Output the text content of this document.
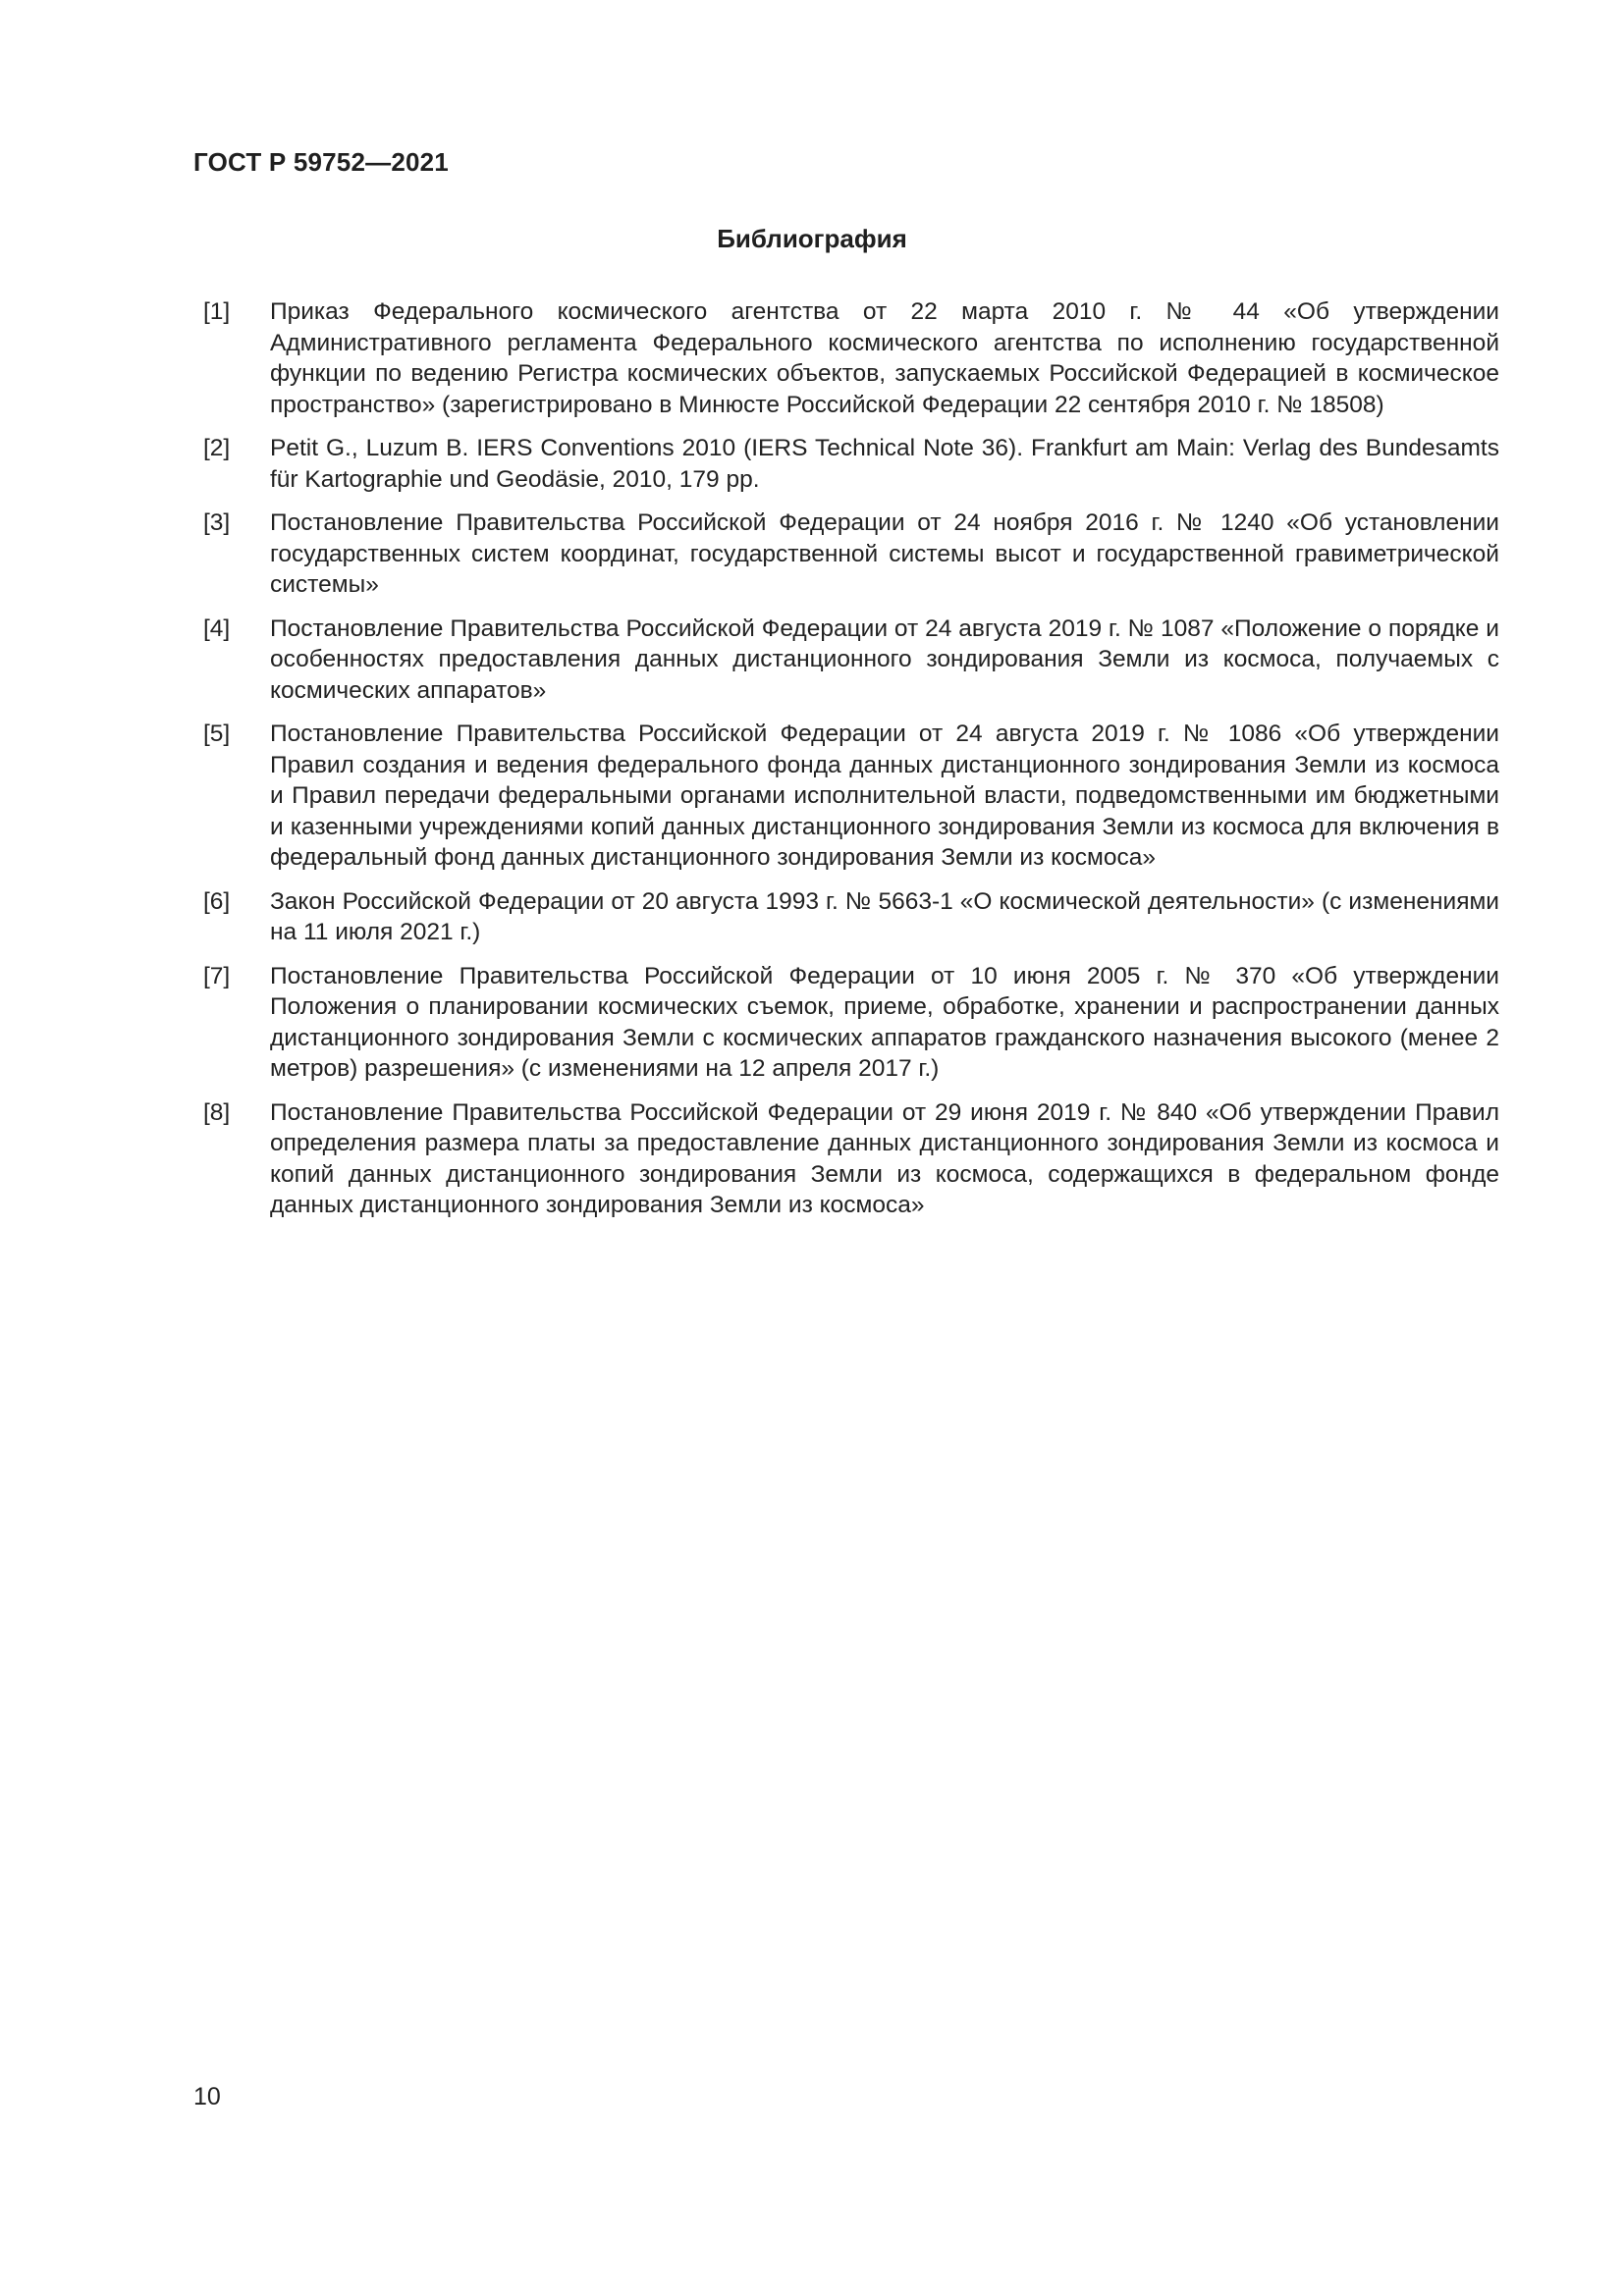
ГОСТ Р 59752—2021
Библиография
[1]	Приказ Федерального космического агентства от 22 марта 2010 г. № 44 «Об утверждении Административного регламента Федерального космического агентства по исполнению государственной функции по ведению Регистра космических объектов, запускаемых Российской Федерацией в космическое пространство» (зарегистрировано в Минюсте Российской Федерации 22 сентября 2010 г. № 18508)
[2]	Petit G., Luzum B. IERS Conventions 2010 (IERS Technical Note 36). Frankfurt am Main: Verlag des Bundesamts für Kartographie und Geodäsie, 2010, 179 pp.
[3]	Постановление Правительства Российской Федерации от 24 ноября 2016 г. № 1240 «Об установлении государственных систем координат, государственной системы высот и государственной гравиметрической системы»
[4]	Постановление Правительства Российской Федерации от 24 августа 2019 г. № 1087 «Положение о порядке и особенностях предоставления данных дистанционного зондирования Земли из космоса, получаемых с космических аппаратов»
[5]	Постановление Правительства Российской Федерации от 24 августа 2019 г. № 1086 «Об утверждении Правил создания и ведения федерального фонда данных дистанционного зондирования Земли из космоса и Правил передачи федеральными органами исполнительной власти, подведомственными им бюджетными и казенными учреждениями копий данных дистанционного зондирования Земли из космоса для включения в федеральный фонд данных дистанционного зондирования Земли из космоса»
[6]	Закон Российской Федерации от 20 августа 1993 г. № 5663-1 «О космической деятельности» (с изменениями на 11 июля 2021 г.)
[7]	Постановление Правительства Российской Федерации от 10 июня 2005 г. № 370 «Об утверждении Положения о планировании космических съемок, приеме, обработке, хранении и распространении данных дистанционного зондирования Земли с космических аппаратов гражданского назначения высокого (менее 2 метров) разрешения» (с изменениями на 12 апреля 2017 г.)
[8]	Постановление Правительства Российской Федерации от 29 июня 2019 г. № 840 «Об утверждении Правил определения размера платы за предоставление данных дистанционного зондирования Земли из космоса и копий данных дистанционного зондирования Земли из космоса, содержащихся в федеральном фонде данных дистанционного зондирования Земли из космоса»
10
